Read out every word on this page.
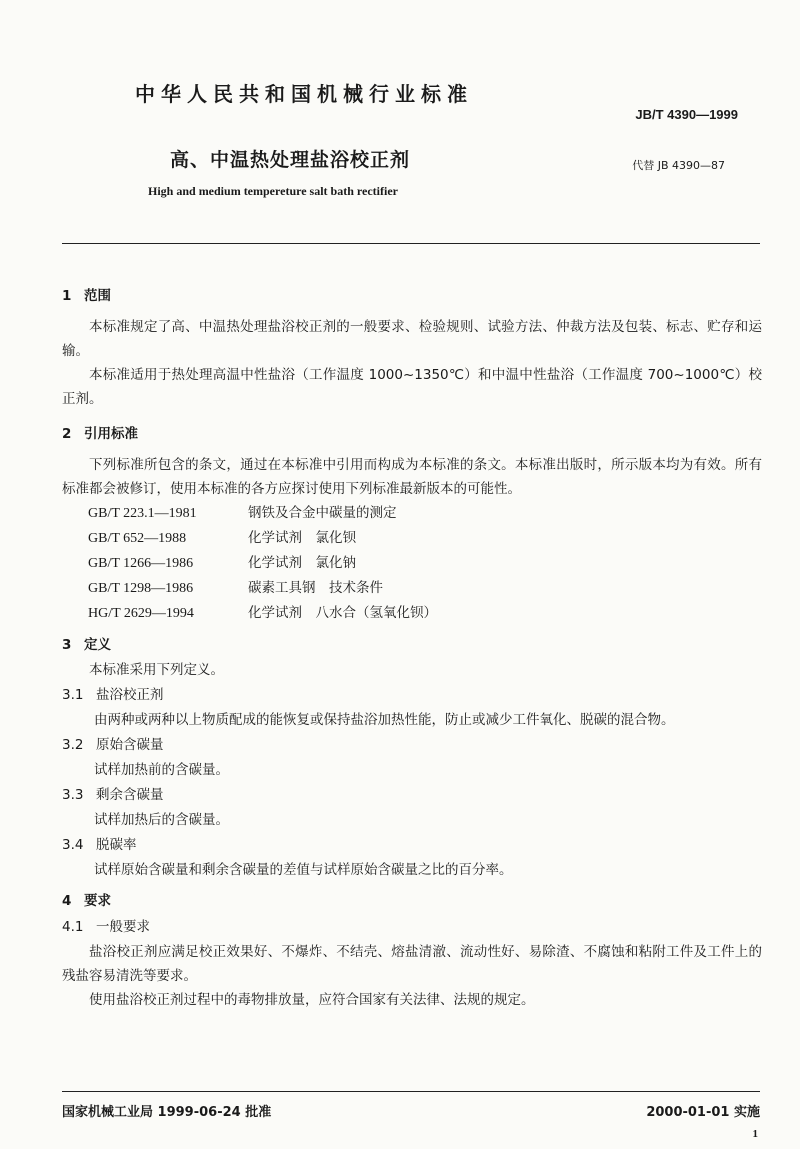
中华人民共和国机械行业标准
JB/T 4390—1999
高、中温热处理盐浴校正剂	代替 JB 4390—87
High and medium tempereture salt bath rectifier
1 范围

本标准规定了高、中温热处理盐浴校正剂的一般要求、检验规则、试验方法、仲裁方法及包装、标志、贮存和运输。

本标准适用于热处理高温中性盐浴（工作温度 1000~1350℃）和中温中性盐浴（工作温度 700~1000℃）校正剂。

2 引用标准

下列标准所包含的条文，通过在本标准中引用而构成为本标准的条文。本标准出版时，所示版本均为有效。所有标准都会被修订，使用本标准的各方应探讨使用下列标准最新版本的可能性。

GB/T 223.1—1981	钢铁及合金中碳量的测定
GB/T 652—1988	化学试剂　氯化钡
GB/T 1266—1986	化学试剂　氯化钠
GB/T 1298—1986	碳素工具钢　技术条件
HG/T 2629—1994	化学试剂　八水合（氢氧化钡）
3 定义

本标准采用下列定义。

3.1 盐浴校正剂

由两种或两种以上物质配成的能恢复或保持盐浴加热性能，防止或减少工件氧化、脱碳的混合物。

3.2 原始含碳量

试样加热前的含碳量。

3.3 剩余含碳量

试样加热后的含碳量。

3.4 脱碳率

试样原始含碳量和剩余含碳量的差值与试样原始含碳量之比的百分率。

4 要求
4.1 一般要求

盐浴校正剂应满足校正效果好、不爆炸、不结壳、熔盐清澈、流动性好、易除渣、不腐蚀和粘附工件及工件上的残盐容易清洗等要求。

使用盐浴校正剂过程中的毒物排放量，应符合国家有关法律、法规的规定。

国家机械工业局 1999-06-24 批准	2000-01-01 实施
1
